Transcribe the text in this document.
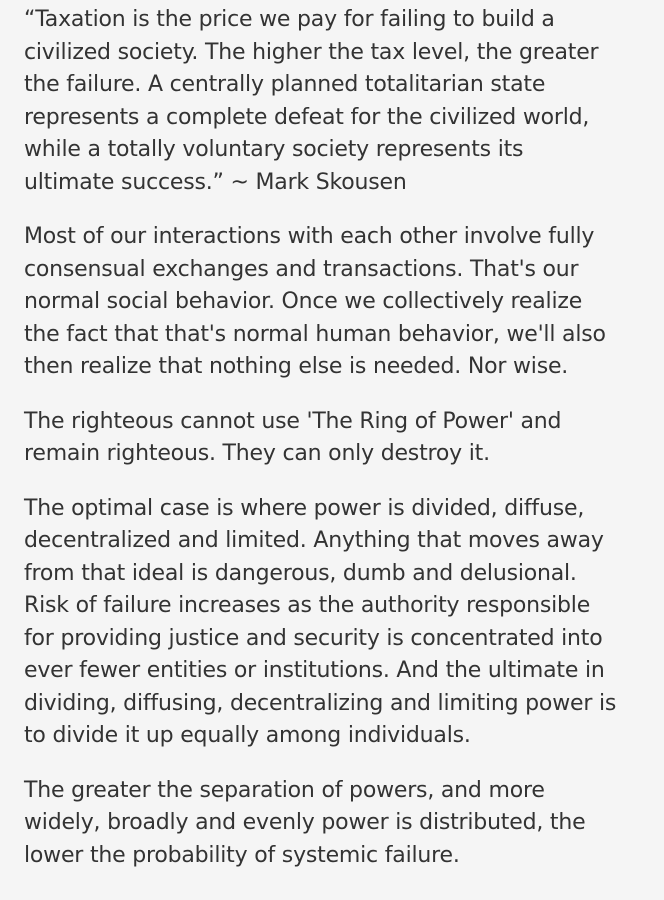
“Taxation is the price we pay for failing to build a
civilized society. The higher the tax level, the greater
the failure. A centrally planned totalitarian state
represents a complete defeat for the civilized world,
while a totally voluntary society represents its
ultimate success.” ~ Mark Skousen

Most of our interactions with each other involve fully
consensual exchanges and transactions. That's our
normal social behavior. Once we collectively realize
the fact that that's normal human behavior, we'll also
then realize that nothing else is needed. Nor wise.

The righteous cannot use 'The Ring of Power' and
remain righteous. They can only destroy it.

The optimal case is where power is divided, diffuse,
decentralized and limited. Anything that moves away
from that ideal is dangerous, dumb and delusional.
Risk of failure increases as the authority responsible
for providing justice and security is concentrated into
ever fewer entities or institutions. And the ultimate in
dividing, diffusing, decentralizing and limiting power is
to divide it up equally among individuals.

The greater the separation of powers, and more
widely, broadly and evenly power is distributed, the
lower the probability of systemic failure.
